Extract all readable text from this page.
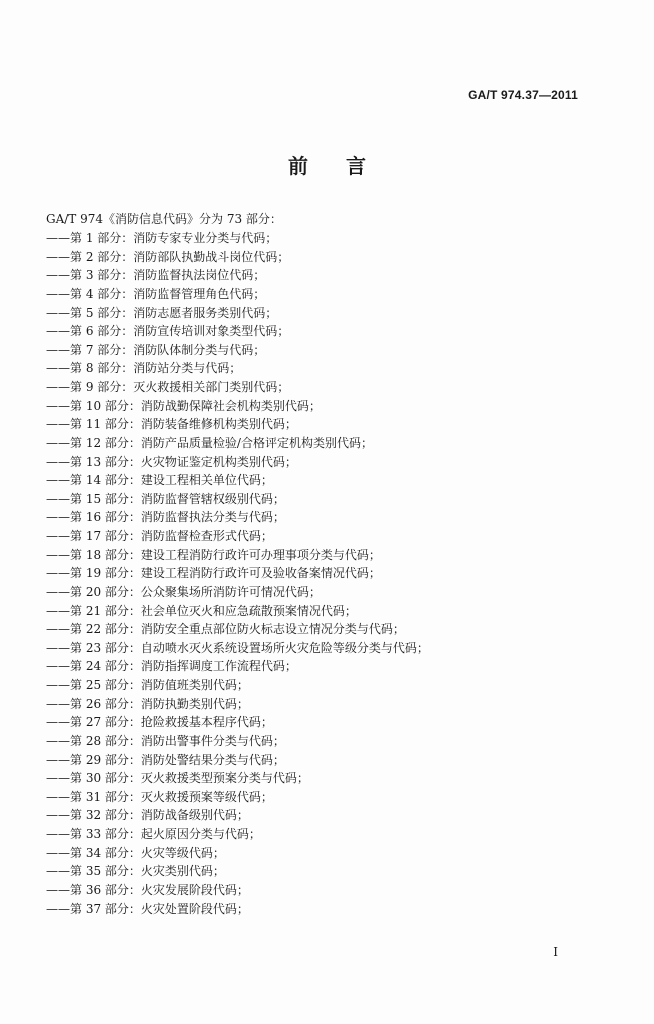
GA/T 974.37—2011
前言
GA/T 974《消防信息代码》分为 73 部分：
——第 1 部分：消防专家专业分类与代码；
——第 2 部分：消防部队执勤战斗岗位代码；
——第 3 部分：消防监督执法岗位代码；
——第 4 部分：消防监督管理角色代码；
——第 5 部分：消防志愿者服务类别代码；
——第 6 部分：消防宣传培训对象类型代码；
——第 7 部分：消防队体制分类与代码；
——第 8 部分：消防站分类与代码；
——第 9 部分：灭火救援相关部门类别代码；
——第 10 部分：消防战勤保障社会机构类别代码；
——第 11 部分：消防装备维修机构类别代码；
——第 12 部分：消防产品质量检验/合格评定机构类别代码；
——第 13 部分：火灾物证鉴定机构类别代码；
——第 14 部分：建设工程相关单位代码；
——第 15 部分：消防监督管辖权级别代码；
——第 16 部分：消防监督执法分类与代码；
——第 17 部分：消防监督检查形式代码；
——第 18 部分：建设工程消防行政许可办理事项分类与代码；
——第 19 部分：建设工程消防行政许可及验收备案情况代码；
——第 20 部分：公众聚集场所消防许可情况代码；
——第 21 部分：社会单位灭火和应急疏散预案情况代码；
——第 22 部分：消防安全重点部位防火标志设立情况分类与代码；
——第 23 部分：自动喷水灭火系统设置场所火灾危险等级分类与代码；
——第 24 部分：消防指挥调度工作流程代码；
——第 25 部分：消防值班类别代码；
——第 26 部分：消防执勤类别代码；
——第 27 部分：抢险救援基本程序代码；
——第 28 部分：消防出警事件分类与代码；
——第 29 部分：消防处警结果分类与代码；
——第 30 部分：灭火救援类型预案分类与代码；
——第 31 部分：灭火救援预案等级代码；
——第 32 部分：消防战备级别代码；
——第 33 部分：起火原因分类与代码；
——第 34 部分：火灾等级代码；
——第 35 部分：火灾类别代码；
——第 36 部分：火灾发展阶段代码；
——第 37 部分：火灾处置阶段代码；
I
